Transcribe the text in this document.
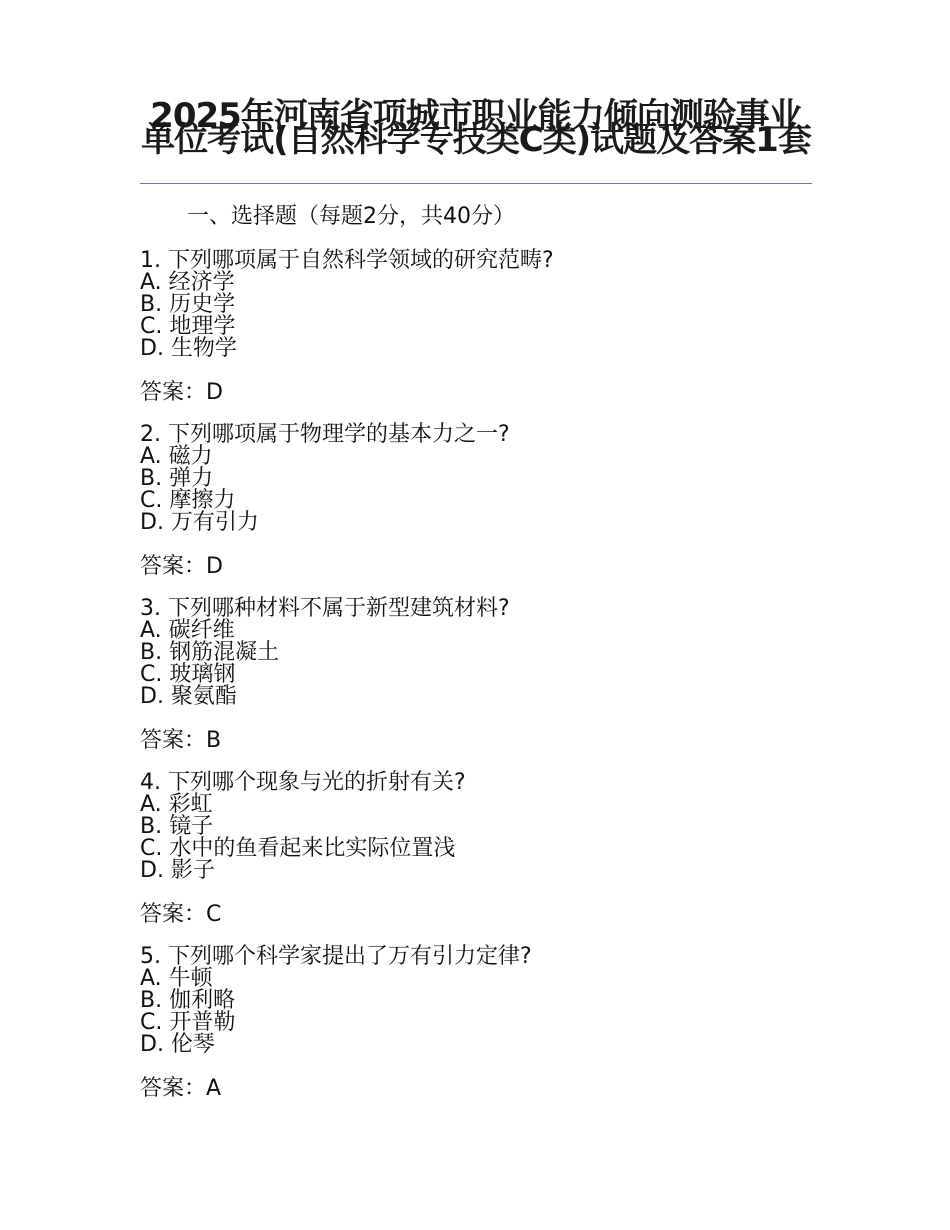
2025年河南省项城市职业能力倾向测验事业单位考试(自然科学专技类C类)试题及答案1套
一、选择题（每题2分，共40分）
1. 下列哪项属于自然科学领域的研究范畴?
A. 经济学
B. 历史学
C. 地理学
D. 生物学
答案：D
2. 下列哪项属于物理学的基本力之一?
A. 磁力
B. 弹力
C. 摩擦力
D. 万有引力
答案：D
3. 下列哪种材料不属于新型建筑材料?
A. 碳纤维
B. 钢筋混凝土
C. 玻璃钢
D. 聚氨酯
答案：B
4. 下列哪个现象与光的折射有关?
A. 彩虹
B. 镜子
C. 水中的鱼看起来比实际位置浅
D. 影子
答案：C
5. 下列哪个科学家提出了万有引力定律?
A. 牛顿
B. 伽利略
C. 开普勒
D. 伦琴
答案：A
